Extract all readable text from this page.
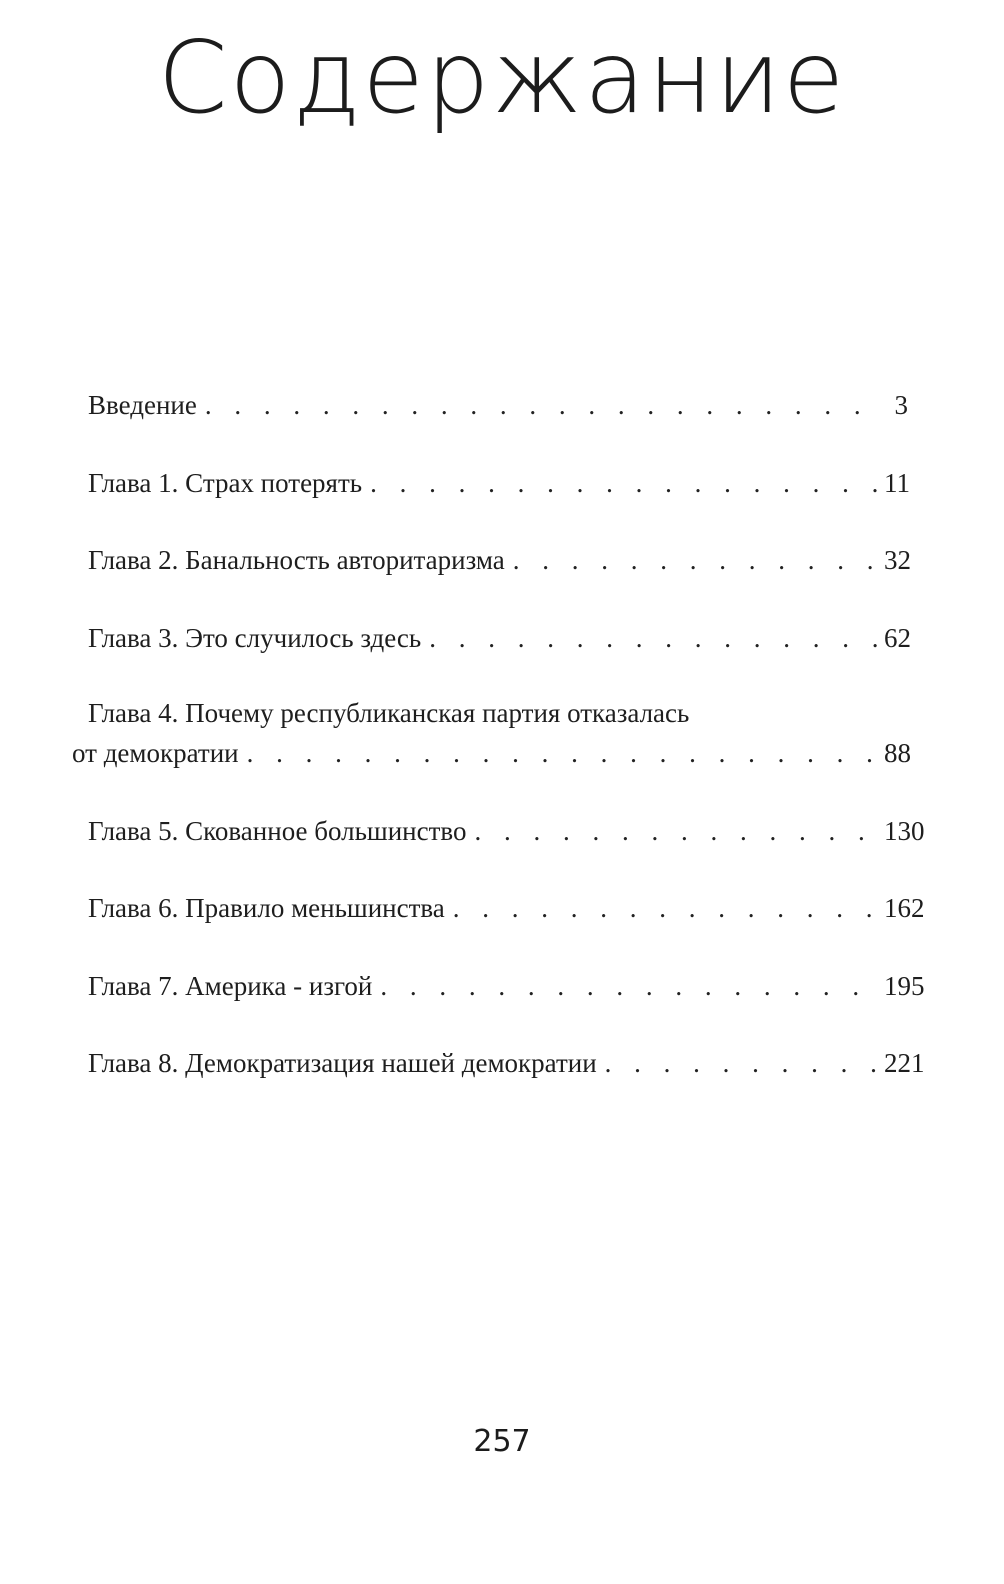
Содержание
Введение . . .	3
Глава 1. Страх потерять . . .	11
Глава 2. Банальность авторитаризма . . .	32
Глава 3. Это случилось здесь . . .	62
Глава 4. Почему республиканская партия отказалась
от демократии . . .	88
Глава 5. Скованное большинство . . .	130
Глава 6. Правило меньшинства . . .	162
Глава 7. Америка - изгой . . .	195
Глава 8. Демократизация нашей демократии . . .	221
257
